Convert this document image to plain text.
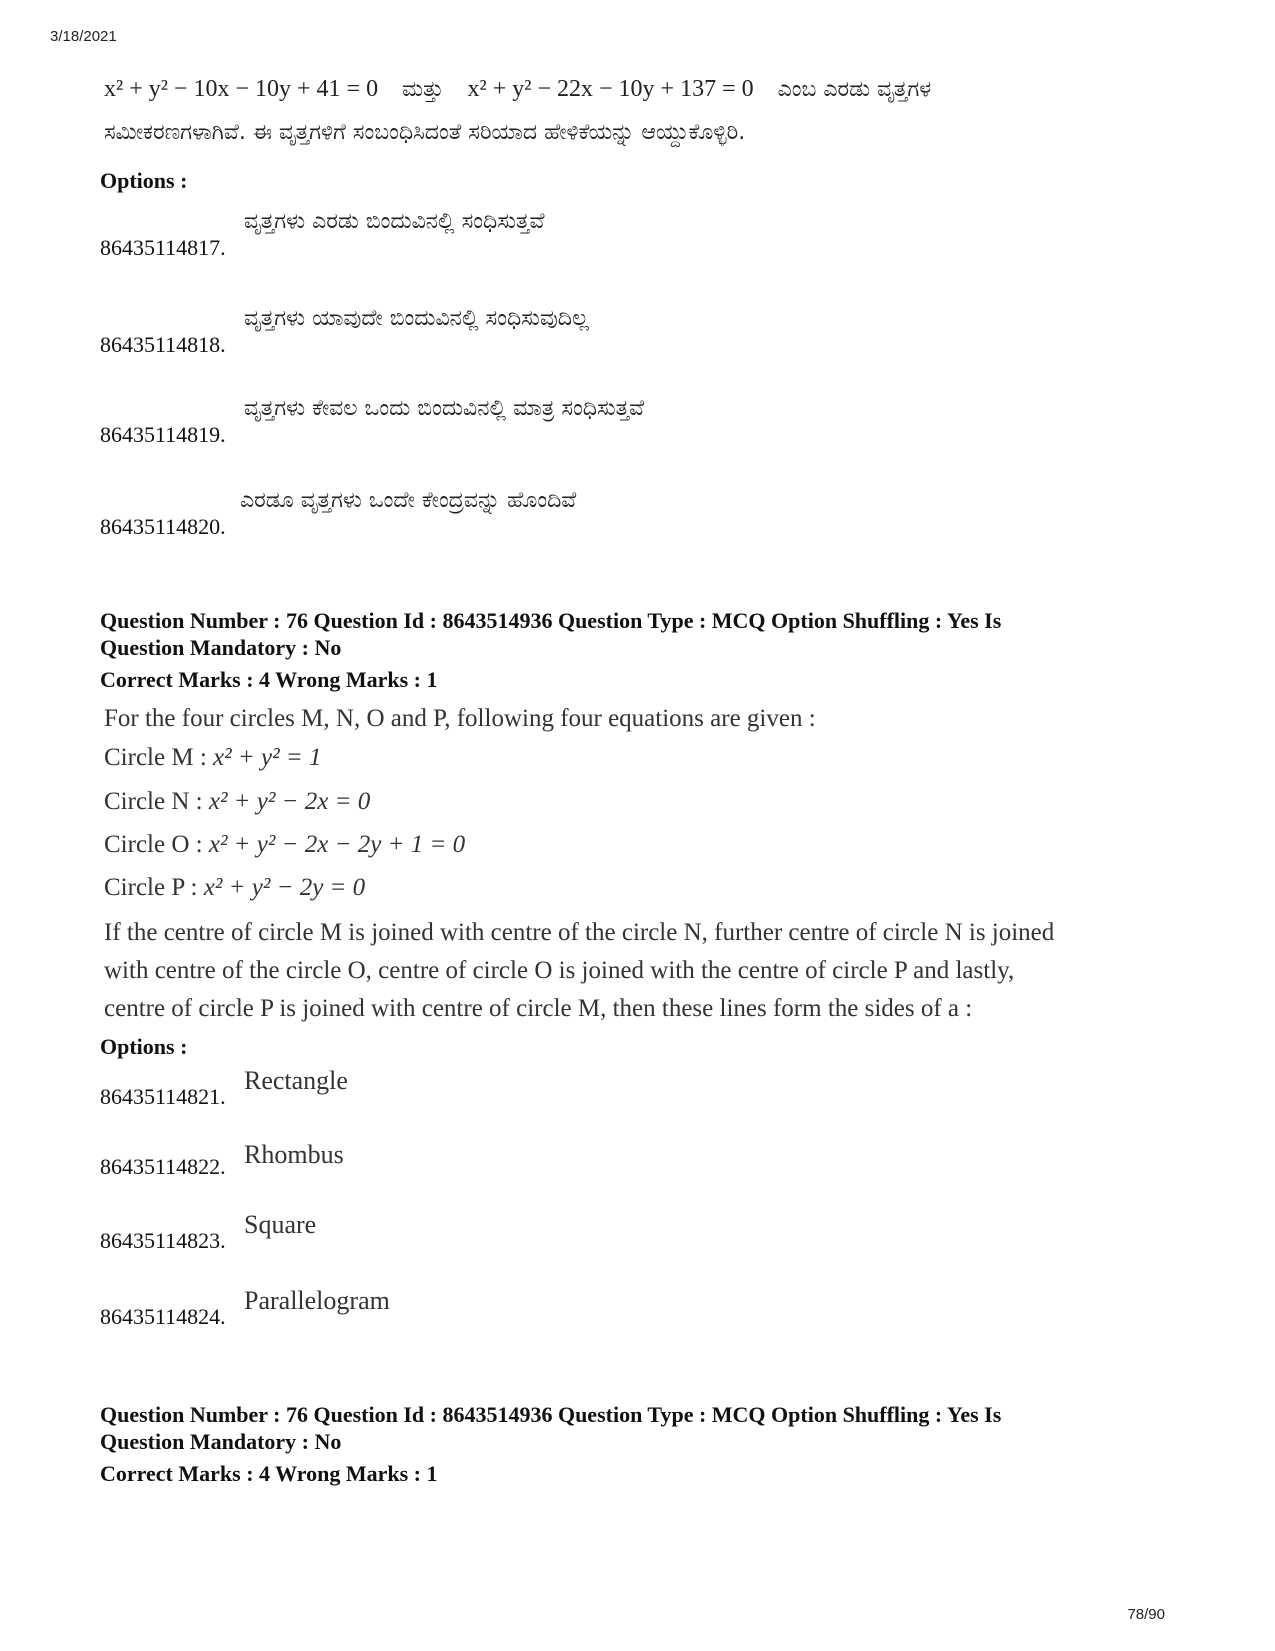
3/18/2021
x² + y² − 10x − 10y + 41 = 0 ಮತ್ತು x² + y² − 22x − 10y + 137 = 0 ಎಂಬ ಎರಡು ವೃತ್ತಗಳ
ಸಮೀಕರಣಗಳಾಗಿವೆ. ಈ ವೃತ್ತಗಳಿಗೆ ಸಂಬಂಧಿಸಿದಂತೆ ಸರಿಯಾದ ಹೇಳಿಕೆಯನ್ನು ಆಯ್ದುಕೊಳ್ಳಿರಿ.
Options :
ವೃತ್ತಗಳು ಎರಡು ಬಿಂದುವಿನಲ್ಲಿ ಸಂಧಿಸುತ್ತವೆ
86435114817.
ವೃತ್ತಗಳು ಯಾವುದೇ ಬಿಂದುವಿನಲ್ಲಿ ಸಂಧಿಸುವುದಿಲ್ಲ
86435114818.
ವೃತ್ತಗಳು ಕೇವಲ ಒಂದು ಬಿಂದುವಿನಲ್ಲಿ ಮಾತ್ರ ಸಂಧಿಸುತ್ತವೆ
86435114819.
ಎರಡೂ ವೃತ್ತಗಳು ಒಂದೇ ಕೇಂದ್ರವನ್ನು ಹೊಂದಿವೆ
86435114820.
Question Number : 76 Question Id : 8643514936 Question Type : MCQ Option Shuffling : Yes Is
Question Mandatory : No
Correct Marks : 4 Wrong Marks : 1
For the four circles M, N, O and P, following four equations are given :
Circle M : x² + y² = 1
Circle N : x² + y² − 2x = 0
Circle O : x² + y² − 2x − 2y + 1 = 0
Circle P : x² + y² − 2y = 0
If the centre of circle M is joined with centre of the circle N, further centre of circle N is joined
with centre of the circle O, centre of circle O is joined with the centre of circle P and lastly,
centre of circle P is joined with centre of circle M, then these lines form the sides of a :
Options :
Rectangle
86435114821.
Rhombus
86435114822.
Square
86435114823.
Parallelogram
86435114824.
Question Number : 76 Question Id : 8643514936 Question Type : MCQ Option Shuffling : Yes Is
Question Mandatory : No
Correct Marks : 4 Wrong Marks : 1
78/90
